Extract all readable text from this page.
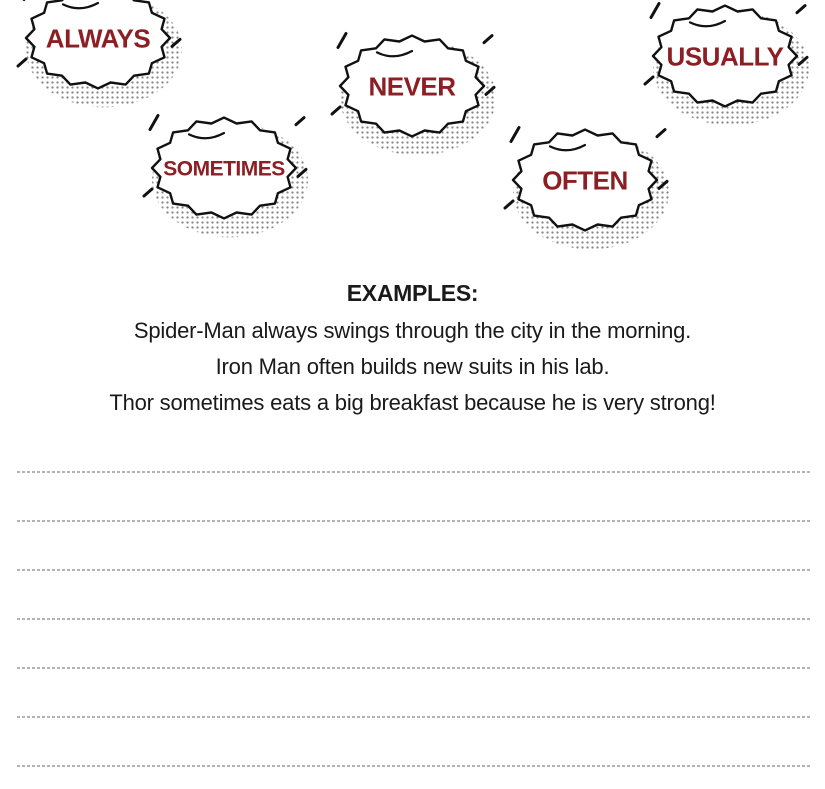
ALWAYS
SOMETIMES
NEVER
OFTEN
USUALLY
EXAMPLES:
Spider-Man always swings through the city in the morning.
Iron Man often builds new suits in his lab.
Thor sometimes eats a big breakfast because he is very strong!
